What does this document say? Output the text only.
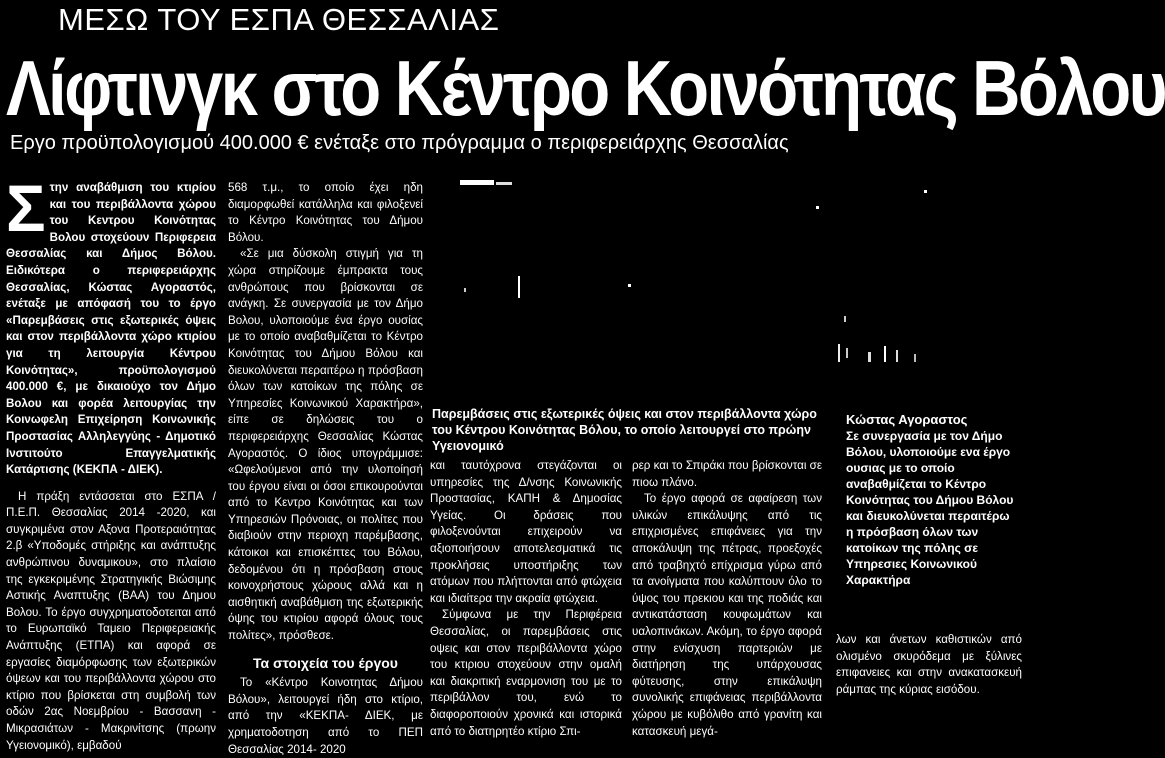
ΜΕΣΩ ΤΟΥ ΕΣΠΑ ΘΕΣΣΑΛΙΑΣ
Λίφτινγκ στο Κέντρο Κοινότητας Βόλου
Εργο προϋπολογισμού 400.000 € ενέταξε στο πρόγραμμα ο περιφερειάρχης Θεσσαλίας
Σ την αναβάθμιση του κτιρίου και του περιβάλλοντα χώρου του Κεντρου Κοινότητας Βολου στοχεύουν Περιφερεια Θεσσαλίας και Δήμος Βόλου. Ειδικότερα ο περιφερειάρχης Θεσσαλίας, Κώστας Αγοραστός, ενέταξε με απόφασή του το έργο «Παρεμβάσεις στις εξωτερικές όψεις και στον περιβάλλοντα χώρο κτιρίου για τη λειτουργία Κέντρου Κοινότητας», προϋπολογισμού 400.000 €, με δικαιούχο τον Δήμο Βολου και φορέα λειτουργίας την Κοινωφελη Επιχείρηση Κοινωνικής Προστασίας Αλληλεγγύης - Δημοτικό Ινστιτούτο Επαγγελματικής Κατάρτισης (ΚΕΚΠΑ - ΔΙΕΚ).

Η πράξη εντάσσεται στο ΕΣΠΑ / Π.Ε.Π. Θεσσαλίας 2014 -2020, και συγκριμένα στον Αξονα Προτεραιότητας 2.β «Υποδομές στήριξης και ανάπτυξης ανθρώπινου δυναμικου», στο πλαίσιο της εγκεκριμένης Στρατηγικής Βιώσιμης Αστικής Αναπτυξης (ΒΑΑ) του Δημου Βολου. Το έργο συγχρηματοδοτειται από το Ευρωπαϊκό Ταμειο Περιφερειακής Ανάπτυξης (ΕΤΠΑ) και αφορά σε εργασίες διαμόρφωσης των εξωτερικών όψεων και του περιβάλλοντα χώρου στο κτίριο που βρίσκεται στη συμβολή των οδών 2ας Νοεμβρίου - Βασσανη - Μικρασιάτων - Μακρινίτσης (πρωην Υγειονομικό), εμβαδού

568 τ.μ., το οποίο έχει ηδη διαμορφωθεί κατάλληλα και φιλοξενεί το Κέντρο Κοινότητας του Δήμου Βόλου.

«Σε μια δύσκολη στιγμή για τη χώρα στηρίζουμε έμπρακτα τους ανθρώπους που βρίσκονται σε ανάγκη. Σε συνεργασία με τον Δήμο Βολου, υλοποιούμε ένα έργο ουσίας με το οποίο αναβαθμίζεται το Κέντρο Κοινότητας του Δήμου Βόλου και διευκολύνεται περαιτέρω η πρόσβαση όλων των κατοίκων της πόλης σε Υπηρεσίες Κοινωνικού Χαρακτήρα», είπε σε δηλώσεις του ο περιφερειάρχης Θεσσαλίας Κώστας Αγοραστός. Ο ίδιος υπογράμμισε: «Ωφελούμενοι από την υλοποίησή του έργου είναι οι όσοι επικουρούνται από το Κεντρο Κοινότητας και των Υπηρεσιών Πρόνοιας, οι πολίτες που διαβιούν στην περιοχη παρέμβασης, κάτοικοι και επισκέπτες του Βόλου, δεδομένου ότι η πρόσβαση στους κοινοχρήστους χώρους αλλά και η αισθητική αναβάθμιση της εξωτερικής όψης του κτιρίου αφορά όλους τους πολίτες», πρόσθεσε.

Τα στοιχεία του έργου

Το «Κέντρο Κοινοτητας Δήμου Βόλου», λειτουργεί ήδη στο κτίριο, από την «ΚΕΚΠΑ- ΔΙΕΚ, με χρηματοδοτηση από το ΠΕΠ Θεσσαλίας 2014- 2020

Παρεμβάσεις στις εξωτερικές όψεις και στον περιβάλλοντα χώρο του Κέντρου Κοινότητας Βόλου, το οποίο λειτουργεί στο πρώην Υγειονομικό
Κώστας Αγοραστος
Σε συνεργασία με τον Δήμο Βόλου, υλοποιούμε ενα έργο ουσιας με το οποίο αναβαθμίζεται το Κέντρο Κοινότητας του Δήμου Βόλου και διευκολύνεται περαιτέρω η πρόσβαση όλων των κατοίκων της πόλης σε Υπηρεσιες Κοινωνικού Χαρακτήρα

και ταυτόχρονα στεγάζονται οι υπηρεσίες της Δ/νσης Κοινωνικής Προστασίας, ΚΑΠΗ & Δημοσίας Υγείας. Οι δράσεις που φιλοξενούνται επιχειρούν να αξιοποιήσουν αποτελεσματικά τις προκλήσεις υποστήριξης των ατόμων που πλήττονται από φτώχεια και ιδιαίτερα την ακραία φτώχεια.

Σύμφωνα με την Περιφέρεια Θεσσαλίας, οι παρεμβάσεις στις οψεις και στον περιβάλλοντα χώρο του κτιριου στοχεύουν στην ομαλή και διακριτική εναρμονιση του με το περιβάλλον του, ενώ το διαφοροποιούν χρονικά και ιστορικά από το διατηρητέο κτίριο Σπι-

ρερ και το Σπιράκι που βρίσκονται σε πιοω πλάνο.

Το έργο αφορά σε αφαίρεση των υλικών επικάλυψης από τις επιχρισμένες επιφάνειες για την αποκάλυψη της πέτρας, προεξοχές από τραβηχτό επίχρισμα γύρω από τα ανοίγματα που καλύπτουν όλο το ύψος του πρεκιου και της ποδιάς και αντικατάσταση κουφωμάτων και υαλοπινάκων. Ακόμη, το έργο αφορά στην ενίσχυση παρτεριών με διατήρηση της υπάρχουσας φύτευσης, στην επικάλυψη συνολικής επιφάνειας περιβάλλοντα χώρου με κυβόλιθο από γρανίτη και κατασκευή μεγά-

λων και άνετων καθιστικών από ολισμένο σκυρόδεμα με ξύλινες επιφανειες και στην ανακατασκευή ράμπας της κύριας εισόδου.
